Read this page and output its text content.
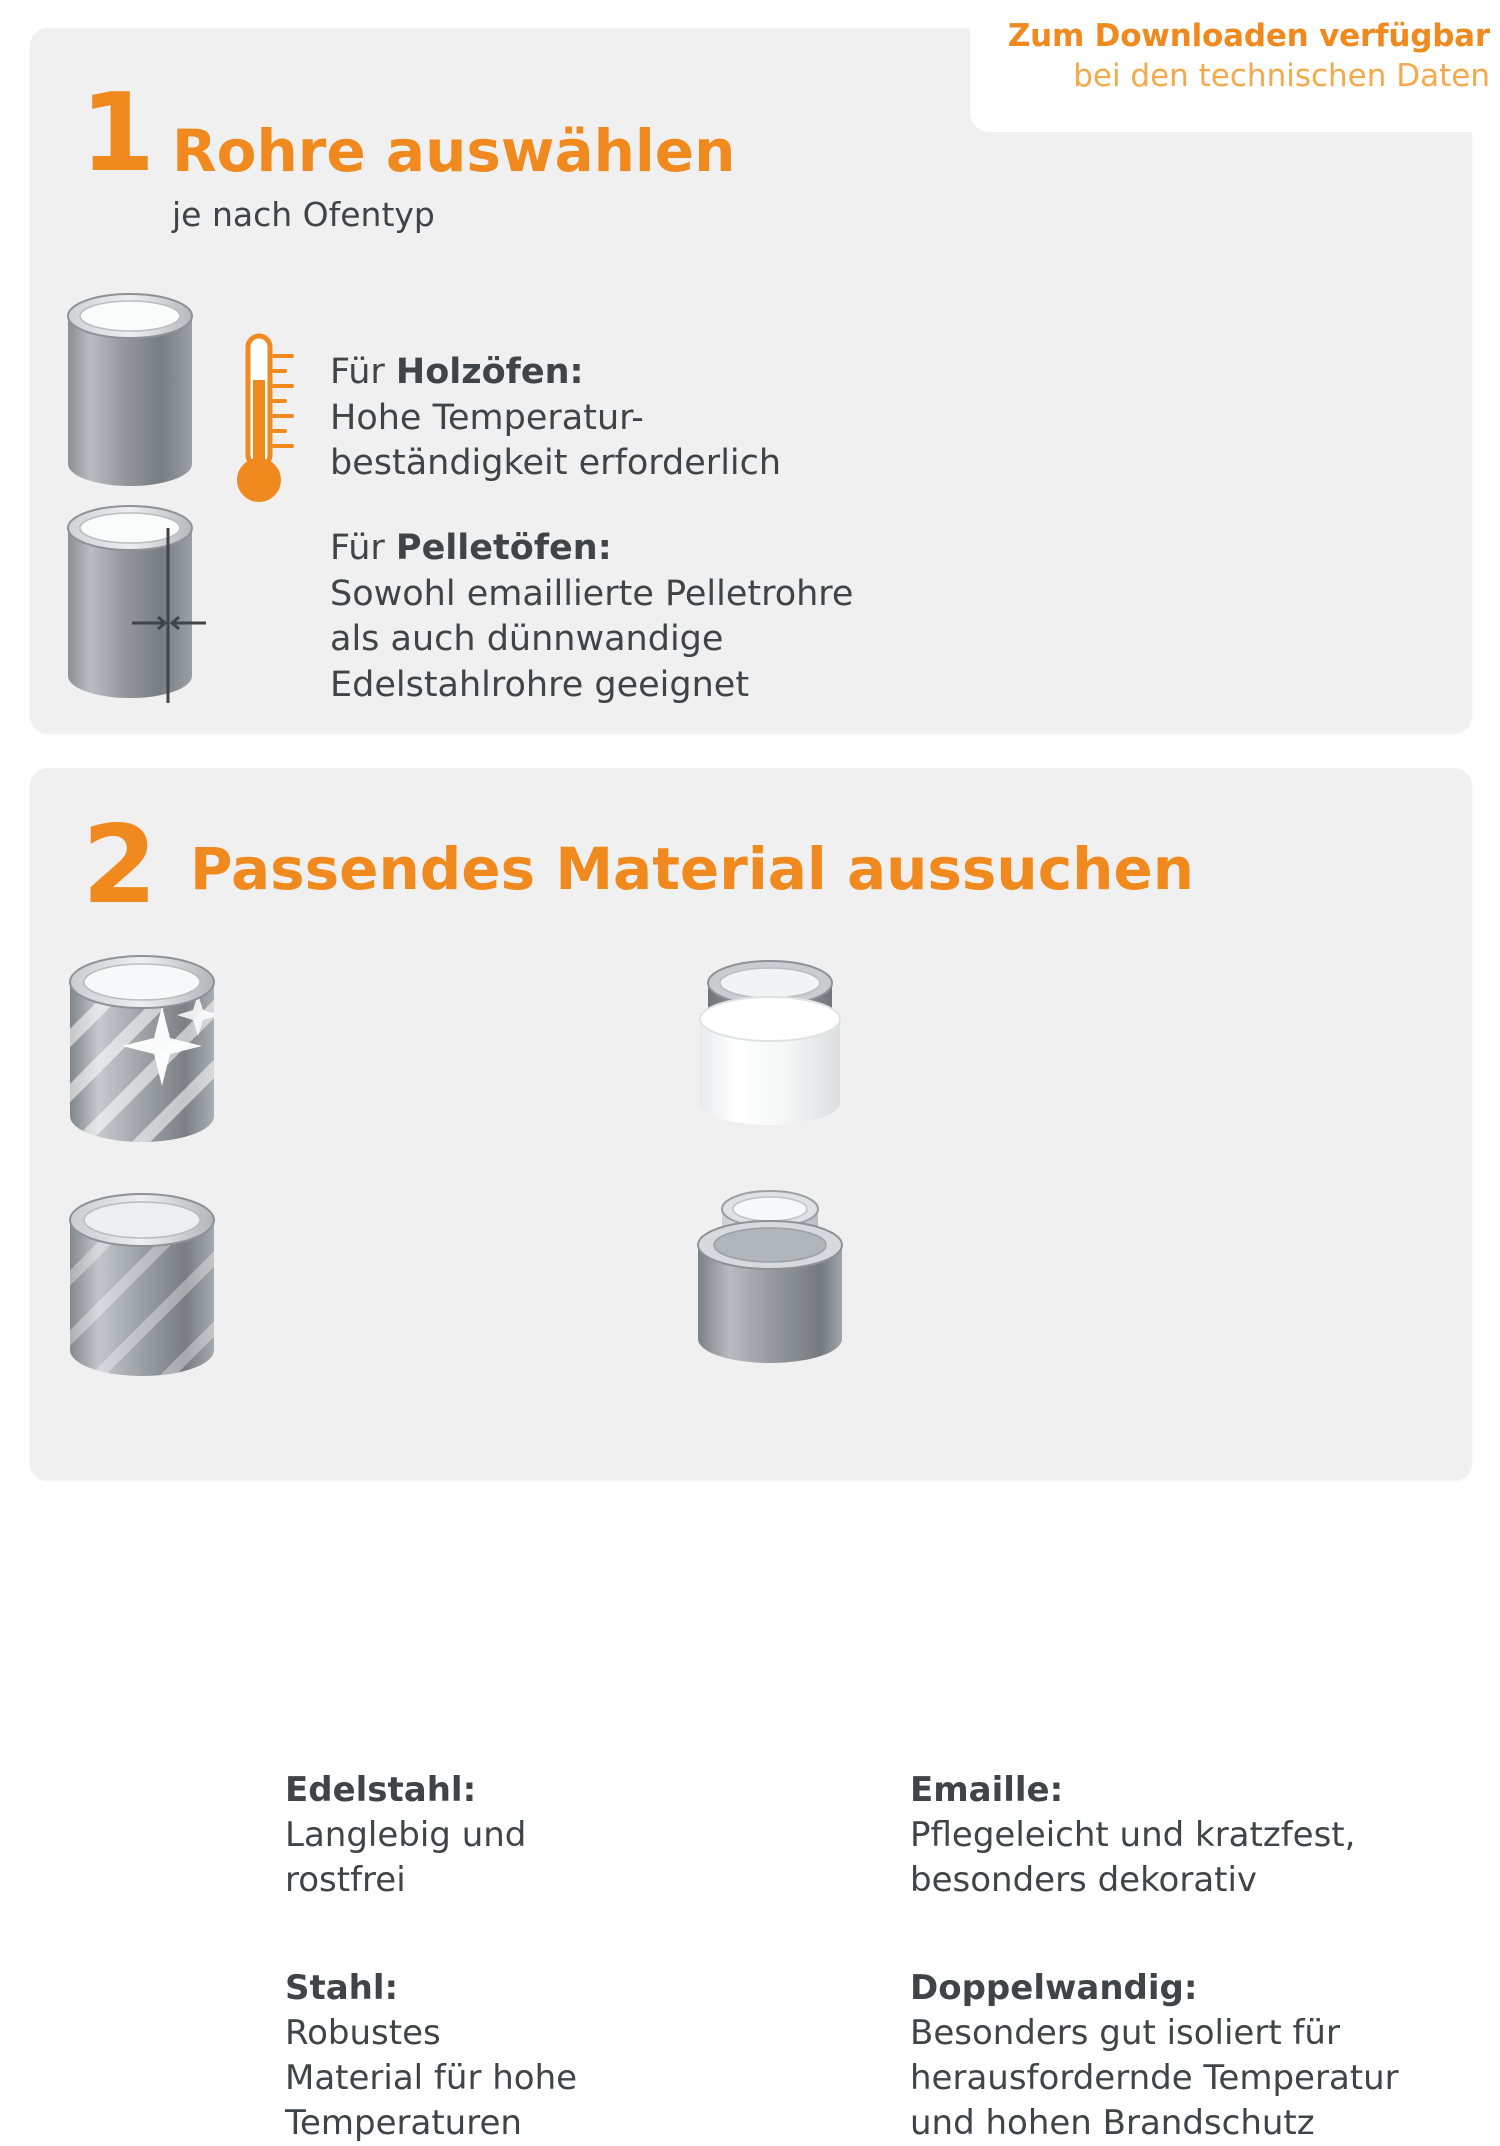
Für Holzöfen:
Hohe Temperatur-
beständigkeit erforderlich
Für Pelletöfen:
Sowohl emaillierte Pelletrohre
als auch dünnwandige
Edelstahlrohre geeignet
1 Rohre auswählen
je nach Ofentyp
Edelstahl:
Langlebig und
rostfrei
Stahl:
Robustes
Material für hohe
Temperaturen
Emaille:
Pflegeleicht und kratzfest,
besonders dekorativ
Doppelwandig:
Besonders gut isoliert für
herausfordernde Temperatur
und hohen Brandschutz
2 Passendes Material aussuchen
Zum Downloaden verfügbar
bei den technischen Daten
